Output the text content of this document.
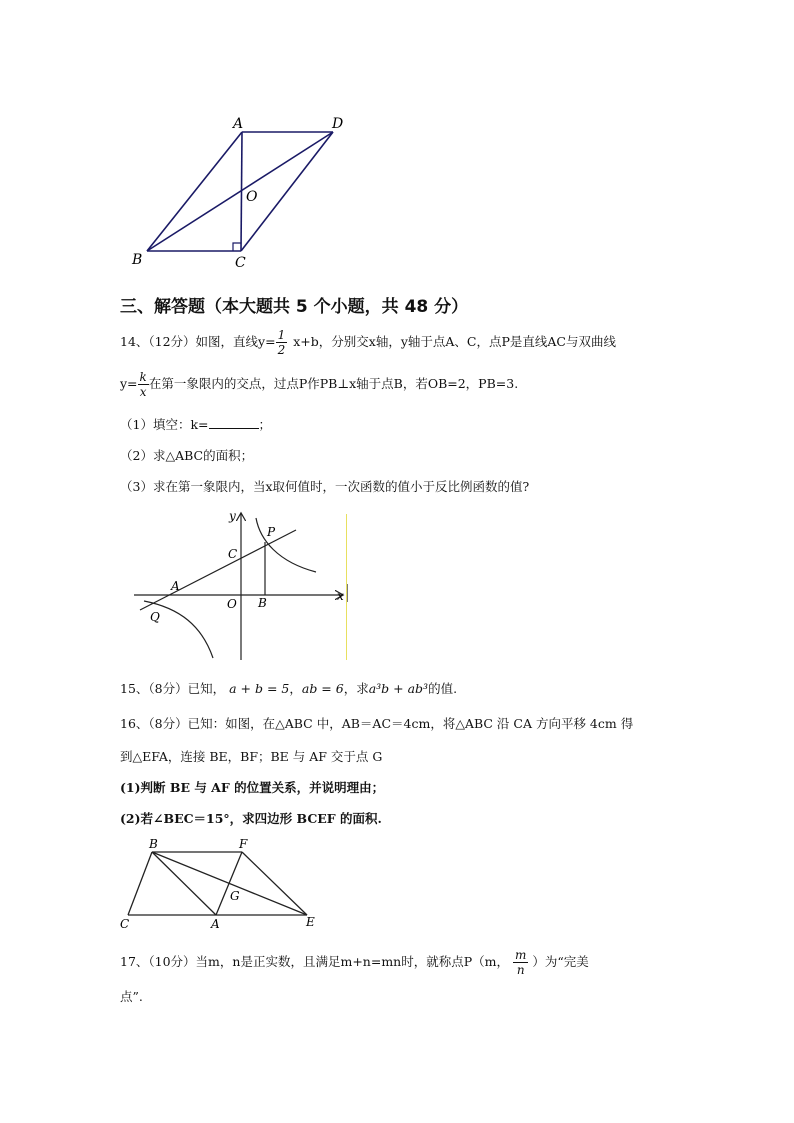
A	D
O
B	C
三、解答题（本大题共 5 个小题，共 48 分）
14、（12分）如图，直线$y= \frac{1}{2} x+b$，分别交x轴，y轴于点A、C，点P是直线AC与双曲线
$y= \frac{k}{x}$ 在第一象限内的交点，过点P作PB⊥x轴于点B，若OB=2，PB=3.
（1）填空：k=	；
（2）求△ABC的面积；
（3）求在第一象限内，当x取何值时，一次函数的值小于反比例函数的值?
y
x
P
C
A
O B
Q
15、（8分）已知， a + b = 5，ab = 6，求a³b + ab³的值.
16、（8分）已知：如图，在△ABC 中，AB＝AC＝4cm，将△ABC 沿 CA 方向平移 4cm 得
到△EFA，连接 BE，BF；BE 与 AF 交于点 G
(1)判断 BE 与 AF 的位置关系，并说明理由；
(2)若∠BEC＝15°，求四边形 BCEF 的面积.
B	F
G
C	A	E
17、（10分）当m，n是正实数，且满足m+n=mn时，就称点P（m， $\frac{m}{n}$ ）为“完美
点”.
